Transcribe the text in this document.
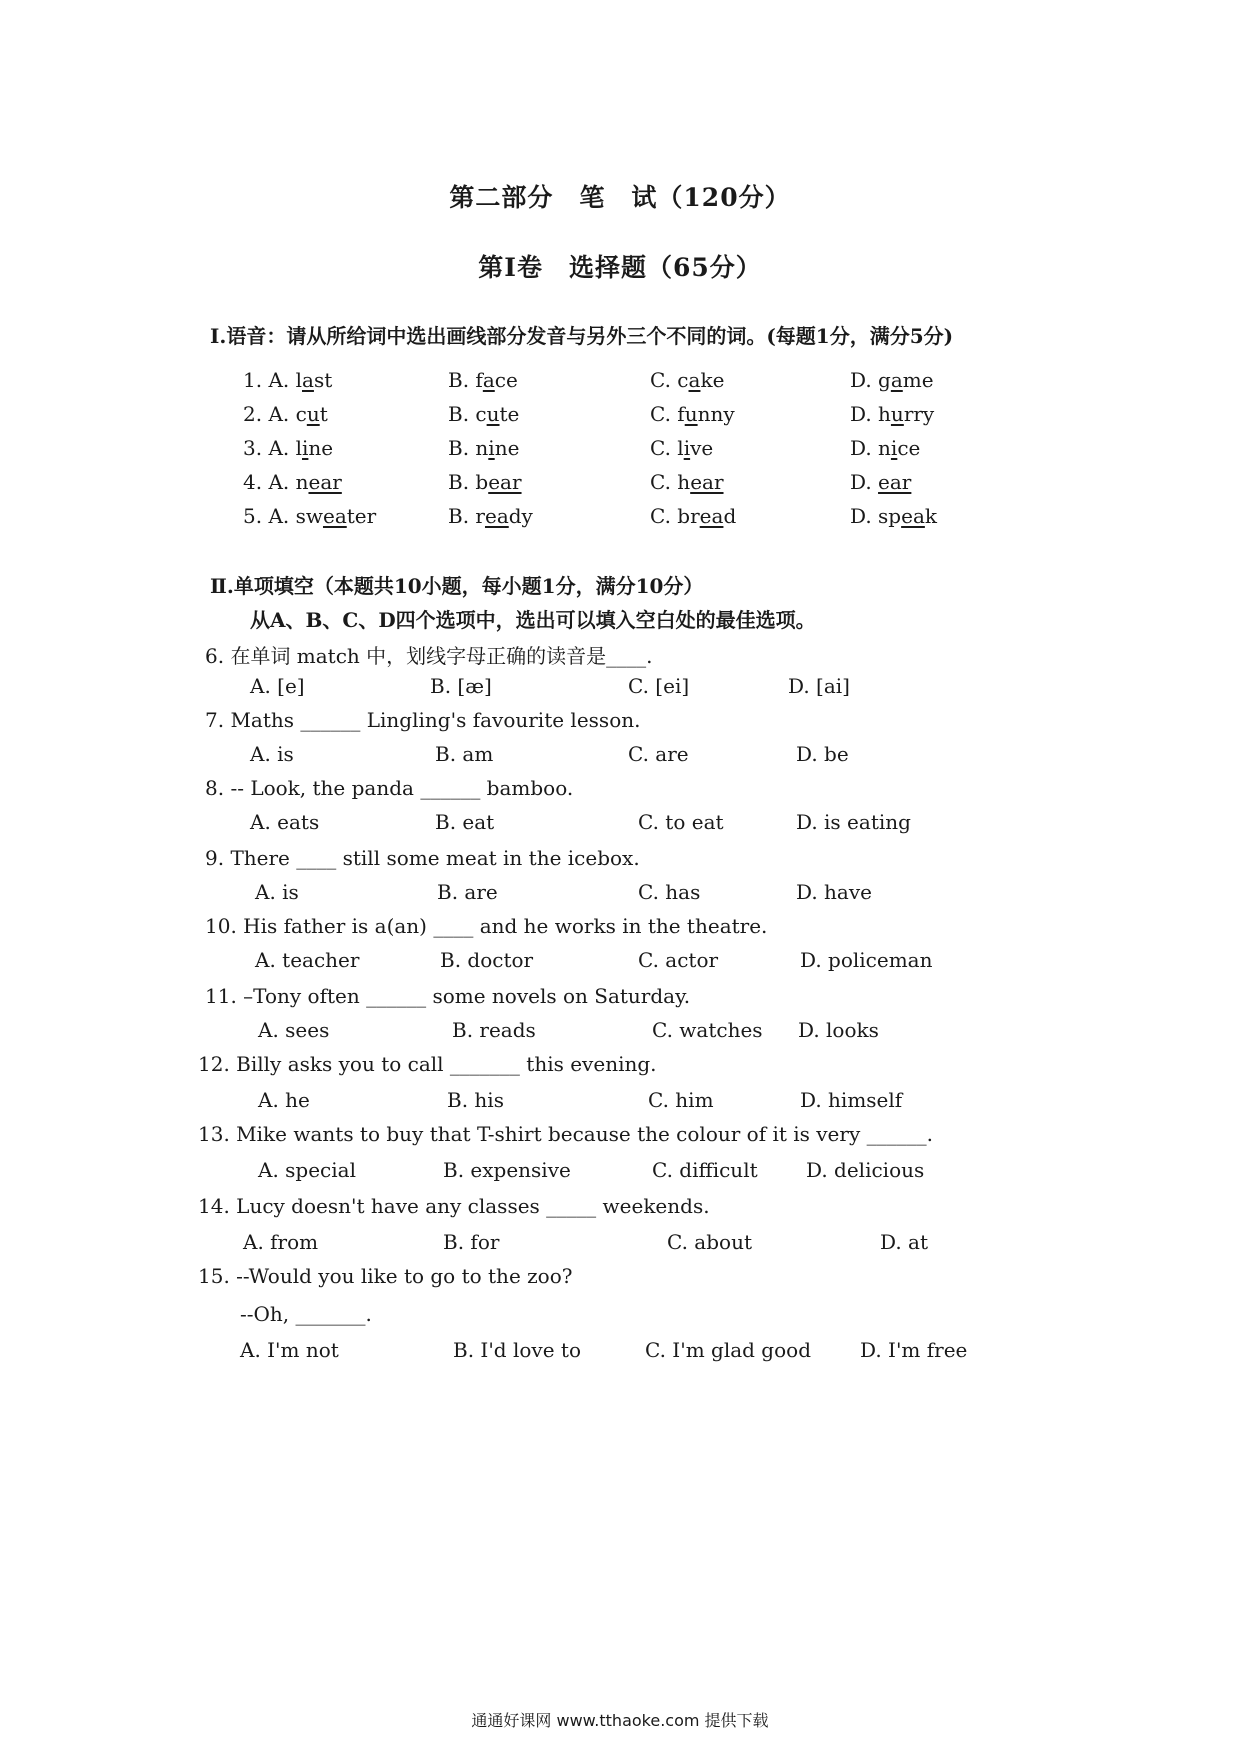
第二部分　笔　试（120分）
第Ⅰ卷　选择题（65分）
Ⅰ.语音：请从所给词中选出画线部分发音与另外三个不同的词。(每题1分，满分5分)
1. A. last	B. face	C. cake	D. game
2. A. cut	B. cute	C. funny	D. hurry
3. A. line	B. nine	C. live	D. nice
4. A. near	B. bear	C. hear	D. ear
5. A. sweater	B. ready	C. bread	D. speak
Ⅱ.单项填空（本题共10小题，每小题1分，满分10分）
从A、B、C、D四个选项中，选出可以填入空白处的最佳选项。
6. 在单词 match 中，划线字母正确的读音是____.
A. [e]	B. [æ]	C. [ei]	D. [ai]
7. Maths ______ Lingling's favourite lesson.
A. is	B. am	C. are	D. be
8. -- Look, the panda ______ bamboo.
A. eats	B. eat	C. to eat	D. is eating
9. There ____ still some meat in the icebox.
A. is	B. are	C. has	D. have
10. His father is a(an) ____ and he works in the theatre.
A. teacher	B. doctor	C. actor	D. policeman
11. –Tony often ______ some novels on Saturday.
A. sees	B. reads	C. watches D. looks
12. Billy asks you to call _______ this evening.
A. he	B. his	C. him	D. himself
13. Mike wants to buy that T-shirt because the colour of it is very ______.
A. special	B. expensive	C. difficult D. delicious
14. Lucy doesn't have any classes _____ weekends.
A. from	B. for	C. about	D. at
15. --Would you like to go to the zoo?
--Oh, _______.
A. I'm not	B. I'd love to	C. I'm glad good D. I'm free
通通好课网 www.tthaoke.com 提供下载
